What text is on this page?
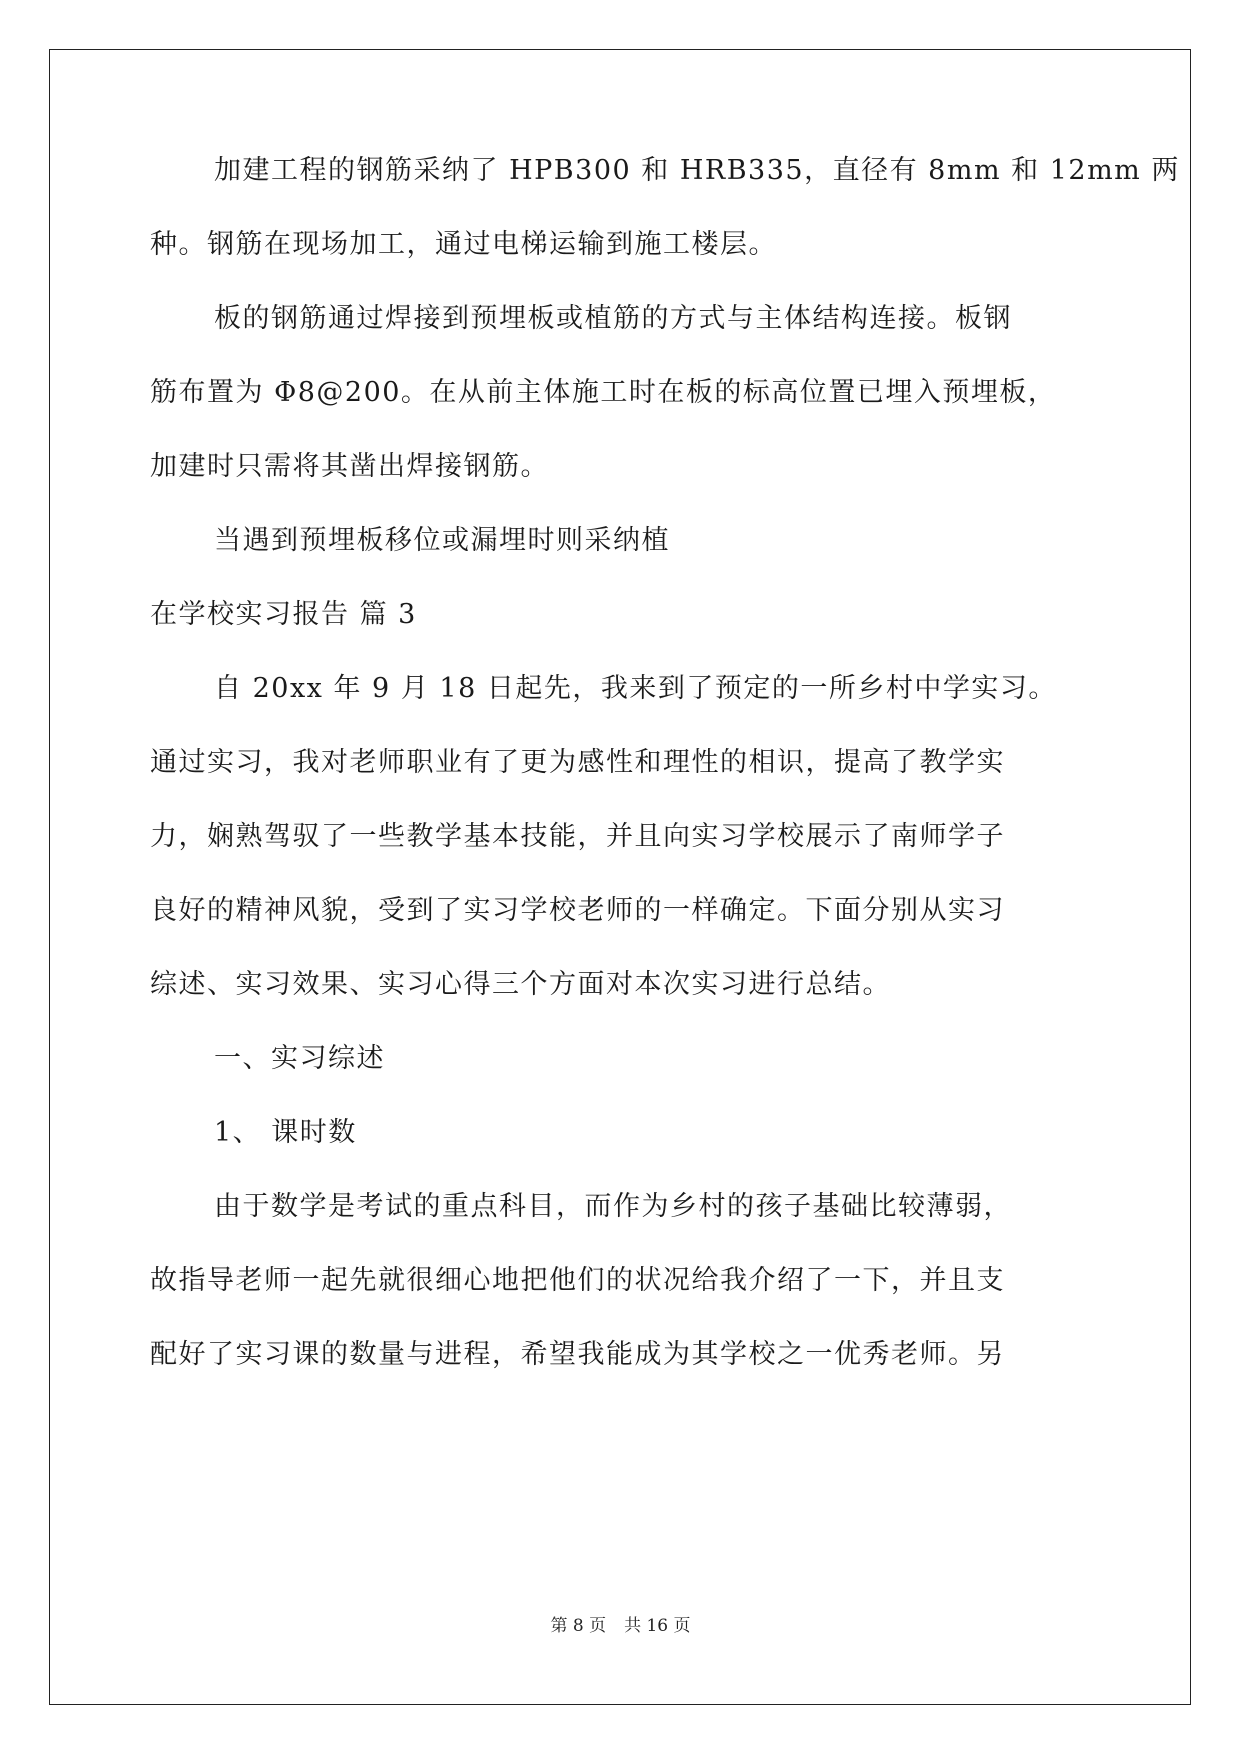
加建工程的钢筋采纳了 HPB300 和 HRB335，直径有 8mm 和 12mm 两
种。钢筋在现场加工，通过电梯运输到施工楼层。
板的钢筋通过焊接到预埋板或植筋的方式与主体结构连接。板钢
筋布置为 Φ8@200。在从前主体施工时在板的标高位置已埋入预埋板，
加建时只需将其凿出焊接钢筋。
当遇到预埋板移位或漏埋时则采纳植
在学校实习报告 篇 3
自 20xx 年 9 月 18 日起先，我来到了预定的一所乡村中学实习。
通过实习，我对老师职业有了更为感性和理性的相识，提高了教学实
力，娴熟驾驭了一些教学基本技能，并且向实习学校展示了南师学子
良好的精神风貌，受到了实习学校老师的一样确定。下面分别从实习
综述、实习效果、实习心得三个方面对本次实习进行总结。
一、实习综述
1、 课时数
由于数学是考试的重点科目，而作为乡村的孩子基础比较薄弱，
故指导老师一起先就很细心地把他们的状况给我介绍了一下，并且支
配好了实习课的数量与进程，希望我能成为其学校之一优秀老师。另
第 8 页 共 16 页
